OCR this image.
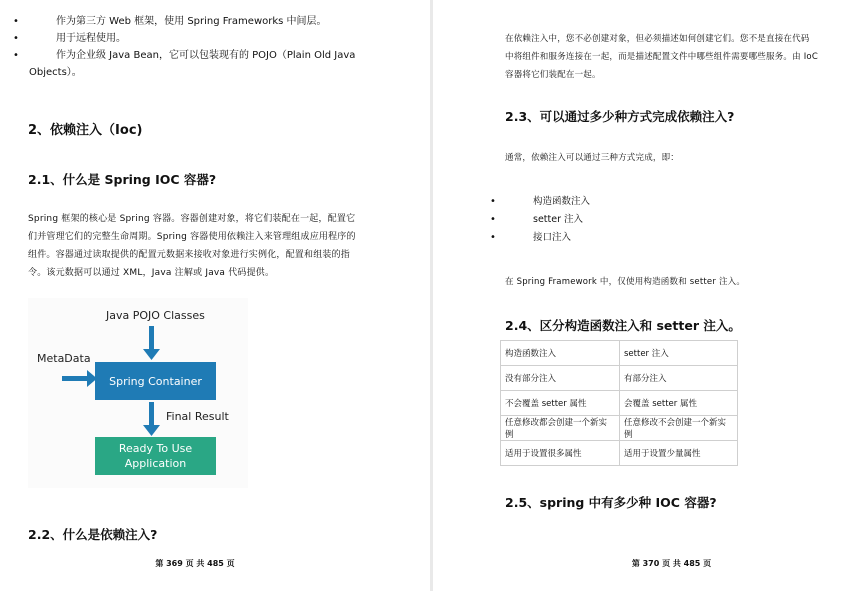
•	作为第三方 Web 框架，使用 Spring Frameworks 中间层。
•	用于远程使用。
•	作为企业级 Java Bean，它可以包装现有的 POJO（Plain Old Java
Objects）。
2、依赖注入（Ioc)
2.1、什么是 Spring IOC 容器?
Spring 框架的核心是 Spring 容器。容器创建对象，将它们装配在一起，配置它
们并管理它们的完整生命周期。Spring 容器使用依赖注入来管理组成应用程序的
组件。容器通过读取提供的配置元数据来接收对象进行实例化，配置和组装的指
令。该元数据可以通过 XML，Java 注解或 Java 代码提供。
Java POJO Classes
MetaData
Spring Container
Final Result
Ready To Use
Application
2.2、什么是依赖注入?
第 369 页 共 485 页
在依赖注入中，您不必创建对象，但必须描述如何创建它们。您不是直接在代码
中将组件和服务连接在一起，而是描述配置文件中哪些组件需要哪些服务。由 IoC
容器将它们装配在一起。
2.3、可以通过多少种方式完成依赖注入?
通常，依赖注入可以通过三种方式完成，即：
•	构造函数注入
•	setter 注入
•	接口注入
在 Spring Framework 中，仅使用构造函数和 setter 注入。
2.4、区分构造函数注入和 setter 注入。
构造函数注入	setter 注入
没有部分注入	有部分注入
不会覆盖 setter 属性	会覆盖 setter 属性
任意修改都会创建一个新实例	任意修改不会创建一个新实例
适用于设置很多属性	适用于设置少量属性
2.5、spring 中有多少种 IOC 容器?
第 370 页 共 485 页
